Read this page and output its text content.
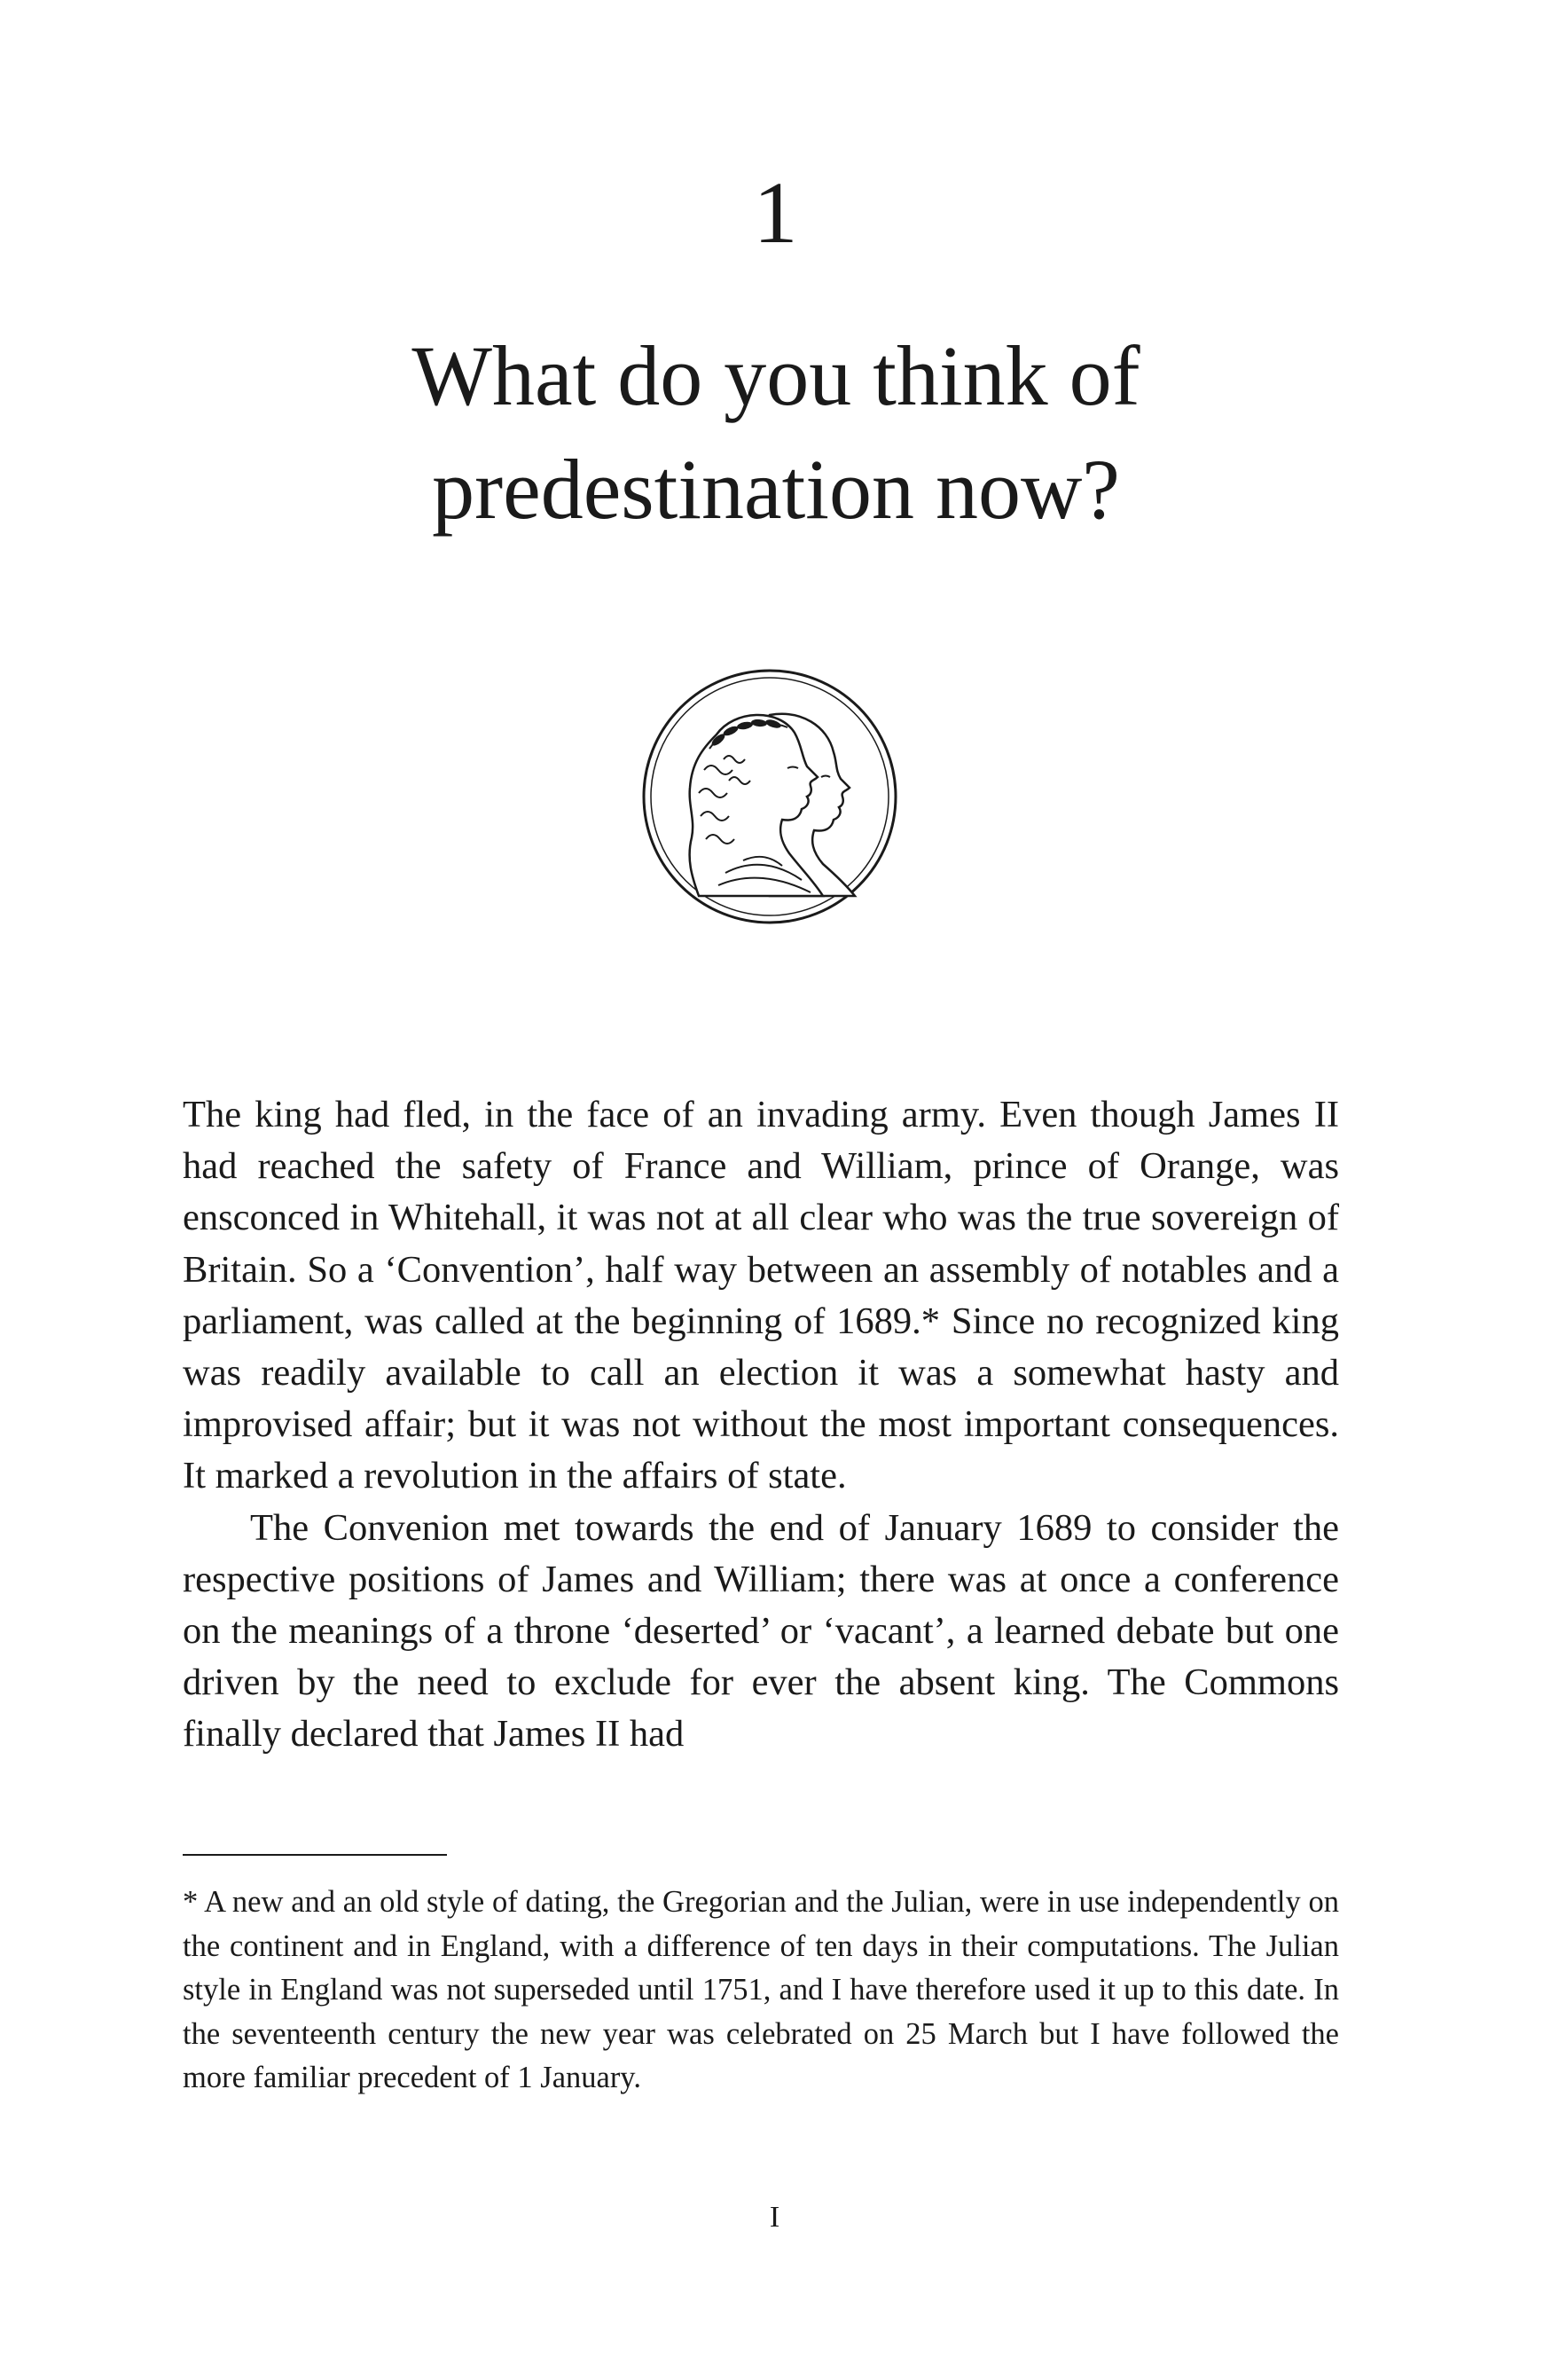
1
What do you think of predestination now?

The king had fled, in the face of an invading army. Even though James II had reached the safety of France and William, prince of Orange, was ensconced in Whitehall, it was not at all clear who was the true sovereign of Britain. So a ‘Convention’, half way between an assembly of notables and a parliament, was called at the beginning of 1689.* Since no recognized king was readily available to call an election it was a somewhat hasty and improvised affair; but it was not without the most important consequences. It marked a revolution in the affairs of state.

The Convenion met towards the end of January 1689 to consider the respective positions of James and William; there was at once a conference on the meanings of a throne ‘deserted’ or ‘vacant’, a learned debate but one driven by the need to exclude for ever the absent king. The Commons finally declared that James II had

* A new and an old style of dating, the Gregorian and the Julian, were in use independently on the continent and in England, with a difference of ten days in their computations. The Julian style in England was not superseded until 1751, and I have therefore used it up to this date. In the seventeenth century the new year was celebrated on 25 March but I have followed the more familiar precedent of 1 January.

I
